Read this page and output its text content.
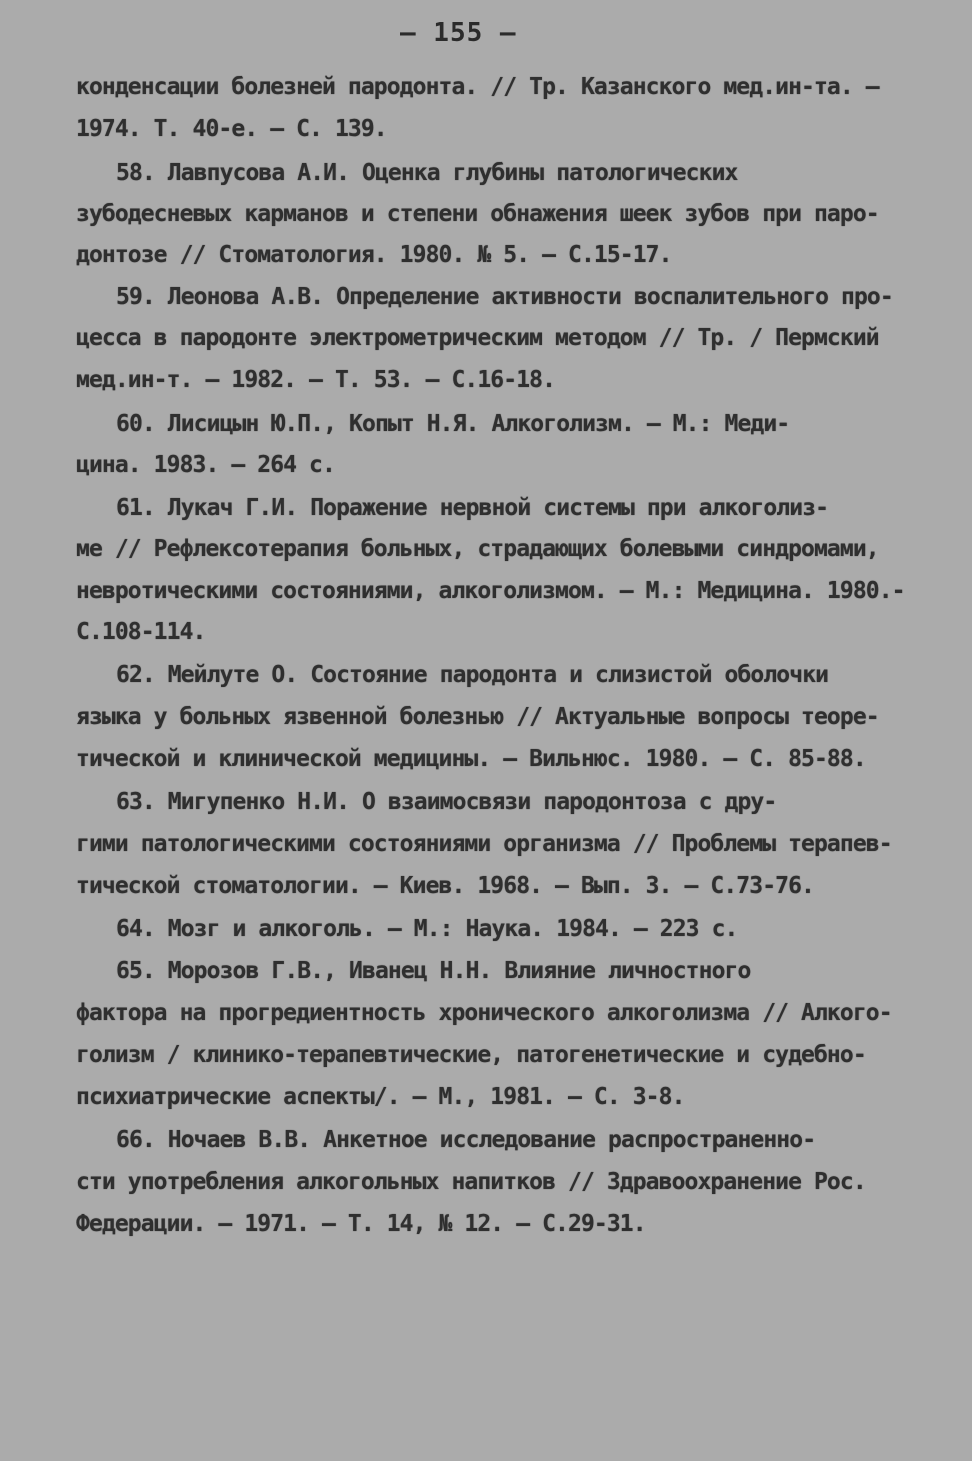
– 155 –
конденсации болезней пародонта. // Тр. Казанского мед.ин-та. –
1974. Т. 40-е. – С. 139.
58. Лавпусова А.И. Оценка глубины патологических
зубодесневых карманов и степени обнажения шеек зубов при паро-
донтозе // Стоматология. 1980. № 5. – С.15-17.
59. Леонова А.В. Определение активности воспалительного про-
цесса в пародонте электрометрическим методом // Тр. / Пермский
мед.ин-т. – 1982. – Т. 53. – С.16-18.
60. Лисицын Ю.П., Копыт Н.Я. Алкоголизм. – М.: Меди-
цина. 1983. – 264 с.
61. Лукач Г.И. Поражение нервной системы при алкоголиз-
ме // Рефлексотерапия больных, страдающих болевыми синдромами,
невротическими состояниями, алкоголизмом. – М.: Медицина. 1980.-
С.108-114.
62. Мейлуте О. Состояние пародонта и слизистой оболочки
языка у больных язвенной болезнью // Актуальные вопросы теоре-
тической и клинической медицины. – Вильнюс. 1980. – С. 85-88.
63. Мигупенко Н.И. О взаимосвязи пародонтоза с дру-
гими патологическими состояниями организма // Проблемы терапев-
тической стоматологии. – Киев. 1968. – Вып. 3. – С.73-76.
64. Мозг и алкоголь. – М.: Наука. 1984. – 223 с.
65. Морозов Г.В., Иванец Н.Н. Влияние личностного
фактора на прогредиентность хронического алкоголизма // Алкого-
голизм / клинико-терапевтические, патогенетические и судебно-
психиатрические аспекты/. – М., 1981. – С. 3-8.
66. Ночаев В.В. Анкетное исследование распространенно-
сти употребления алкогольных напитков // Здравоохранение Рос.
Федерации. – 1971. – Т. 14, № 12. – С.29-31.
